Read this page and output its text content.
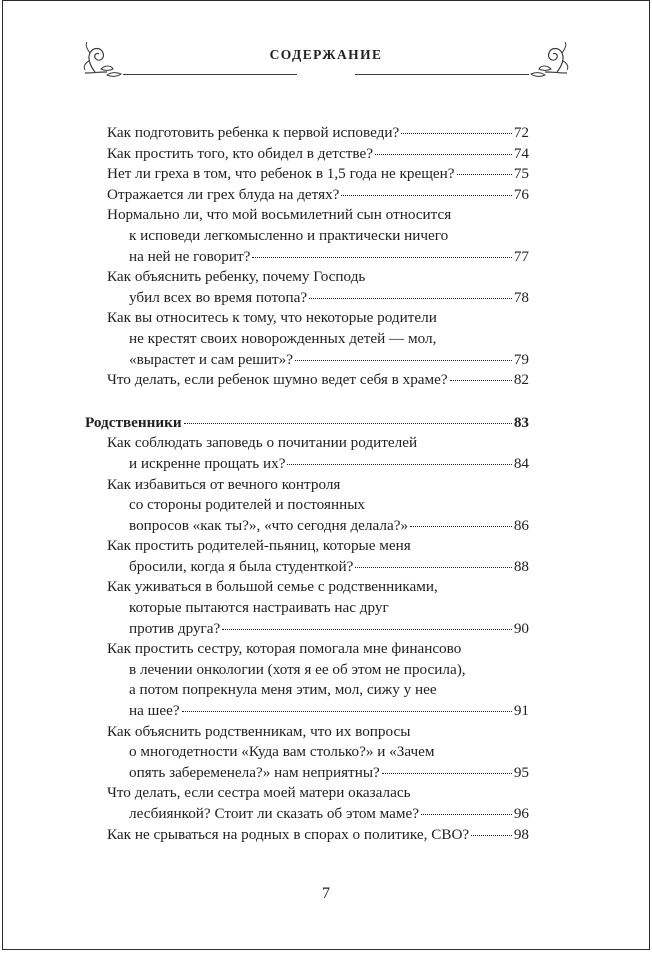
СОДЕРЖАНИЕ
Как подготовить ребенка к первой исповеди?	72
Как простить того, кто обидел в детстве?	74
Нет ли греха в том, что ребенок в 1,5 года не крещен?	75
Отражается ли грех блуда на детях?	76
Нормально ли, что мой восьмилетний сын относится
к исповеди легкомысленно и практически ничего
на ней не говорит?	77
Как объяснить ребенку, почему Господь
убил всех во время потопа?	78
Как вы относитесь к тому, что некоторые родители
не крестят своих новорожденных детей — мол,
«вырастет и сам решит»?	79
Что делать, если ребенок шумно ведет себя в храме?	82
Родственники	83
Как соблюдать заповедь о почитании родителей
и искренне прощать их?	84
Как избавиться от вечного контроля
со стороны родителей и постоянных
вопросов «как ты?», «что сегодня делала?»	86
Как простить родителей-пьяниц, которые меня
бросили, когда я была студенткой?	88
Как уживаться в большой семье с родственниками,
которые пытаются настраивать нас друг
против друга?	90
Как простить сестру, которая помогала мне финансово
в лечении онкологии (хотя я ее об этом не просила),
а потом попрекнула меня этим, мол, сижу у нее
на шее?	91
Как объяснить родственникам, что их вопросы
о многодетности «Куда вам столько?» и «Зачем
опять забеременела?» нам неприятны?	95
Что делать, если сестра моей матери оказалась
лесбиянкой? Стоит ли сказать об этом маме?	96
Как не срываться на родных в спорах о политике, СВО?	98
7
